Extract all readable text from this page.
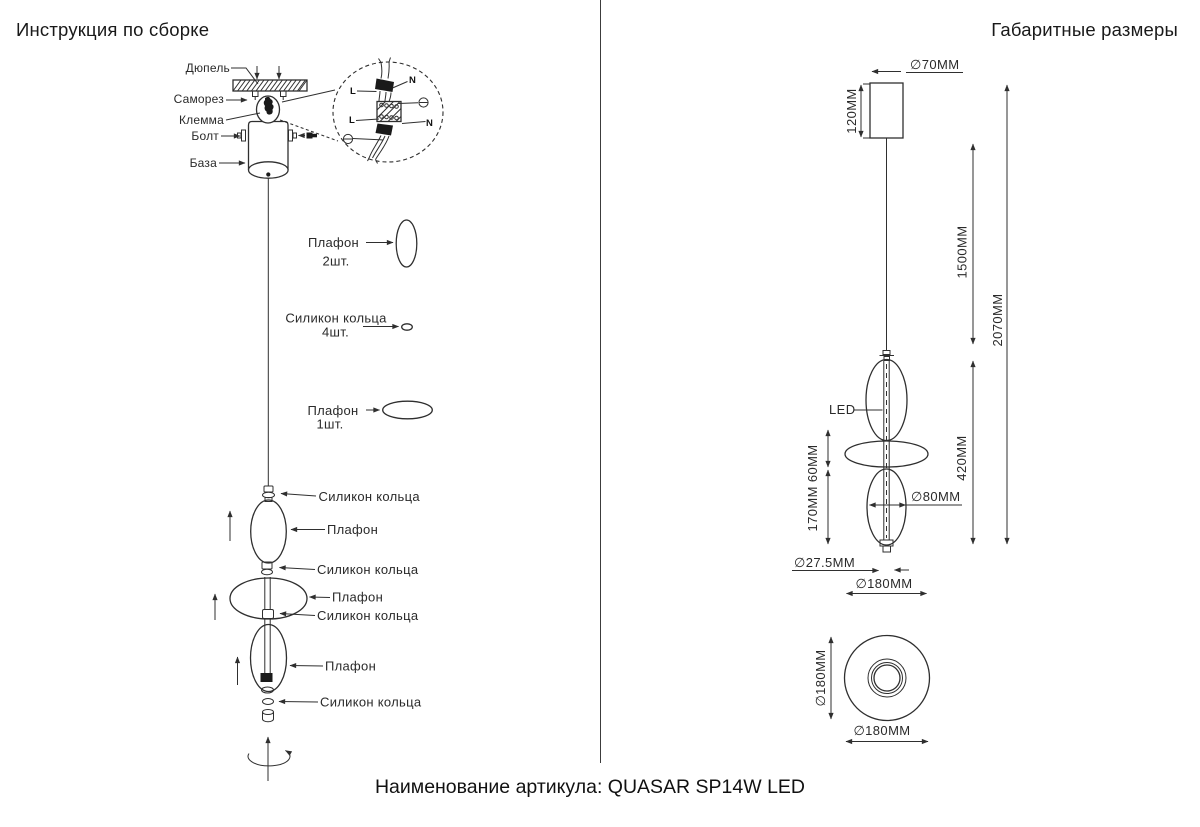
Инструкция по сборке	Габаритные размеры
Наименование артикула: QUASAR SP14W LED
Дюпель
Саморез
Клемма
Болт
База
N
L
L	N
Плафон
2шт.
Силикон кольца
4шт.
Плафон
1шт.
Силикон кольца
Плафон
Силикон кольца
Плафон
Силикон кольца
Плафон
Силикон кольца
∅70MM
120MM
1500MM
420MM
2070MM
LED
170MM 60MM	∅80MM
∅27.5MM
∅180MM
∅180MM
∅180MM
